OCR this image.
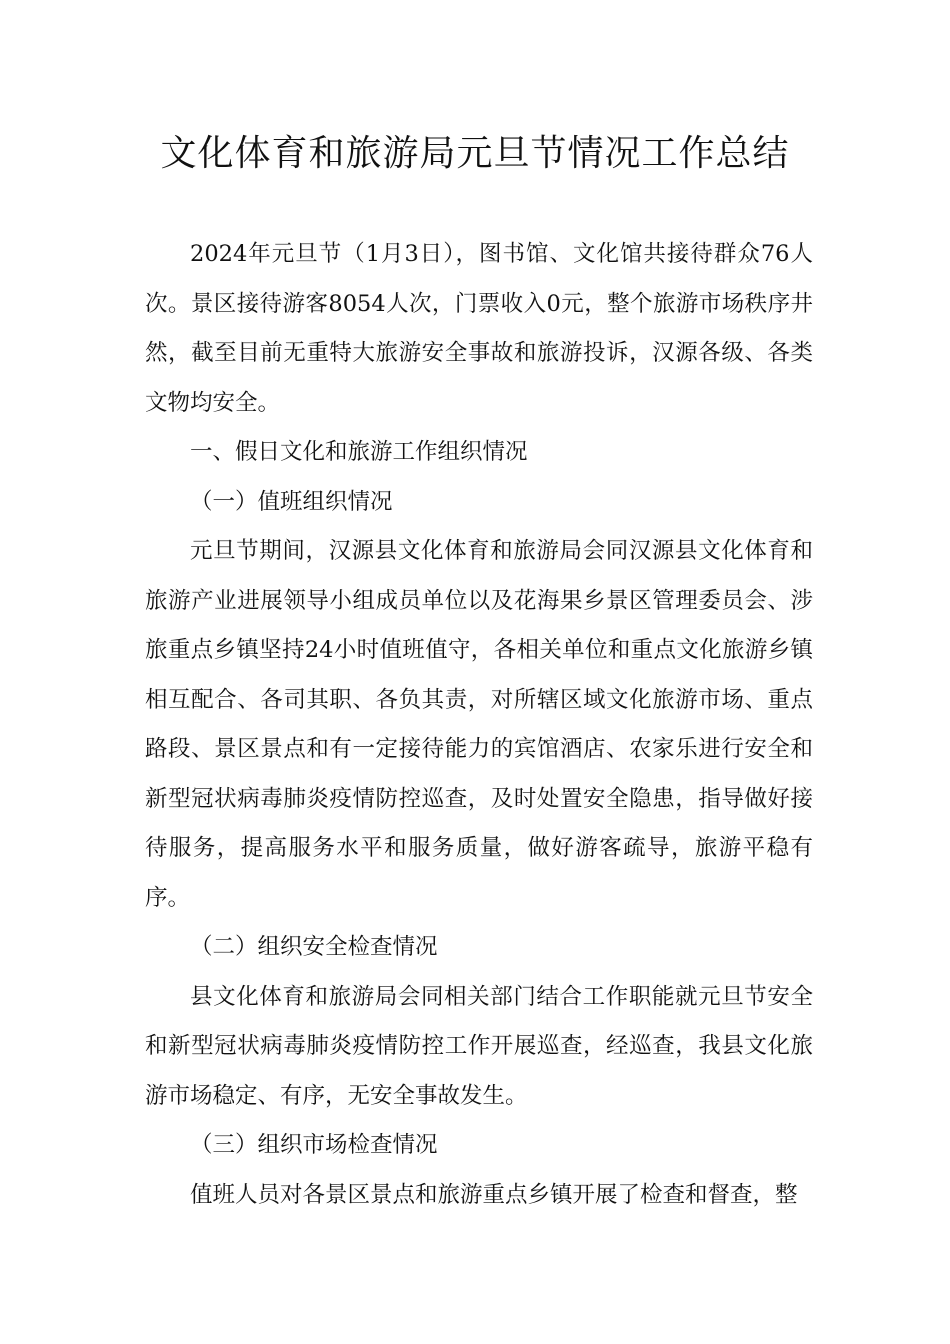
文化体育和旅游局元旦节情况工作总结

2024年元旦节（1月3日），图书馆、文化馆共接待群众76人次。景区接待游客8054人次，门票收入0元，整个旅游市场秩序井然，截至目前无重特大旅游安全事故和旅游投诉，汉源各级、各类文物均安全。

一、假日文化和旅游工作组织情况

（一）值班组织情况

元旦节期间，汉源县文化体育和旅游局会同汉源县文化体育和旅游产业进展领导小组成员单位以及花海果乡景区管理委员会、涉旅重点乡镇坚持24小时值班值守，各相关单位和重点文化旅游乡镇相互配合、各司其职、各负其责，对所辖区域文化旅游市场、重点路段、景区景点和有一定接待能力的宾馆酒店、农家乐进行安全和新型冠状病毒肺炎疫情防控巡查，及时处置安全隐患，指导做好接待服务，提高服务水平和服务质量，做好游客疏导，旅游平稳有序。

（二）组织安全检查情况

县文化体育和旅游局会同相关部门结合工作职能就元旦节安全和新型冠状病毒肺炎疫情防控工作开展巡查，经巡查，我县文化旅游市场稳定、有序，无安全事故发生。

（三）组织市场检查情况

值班人员对各景区景点和旅游重点乡镇开展了检查和督查，整
